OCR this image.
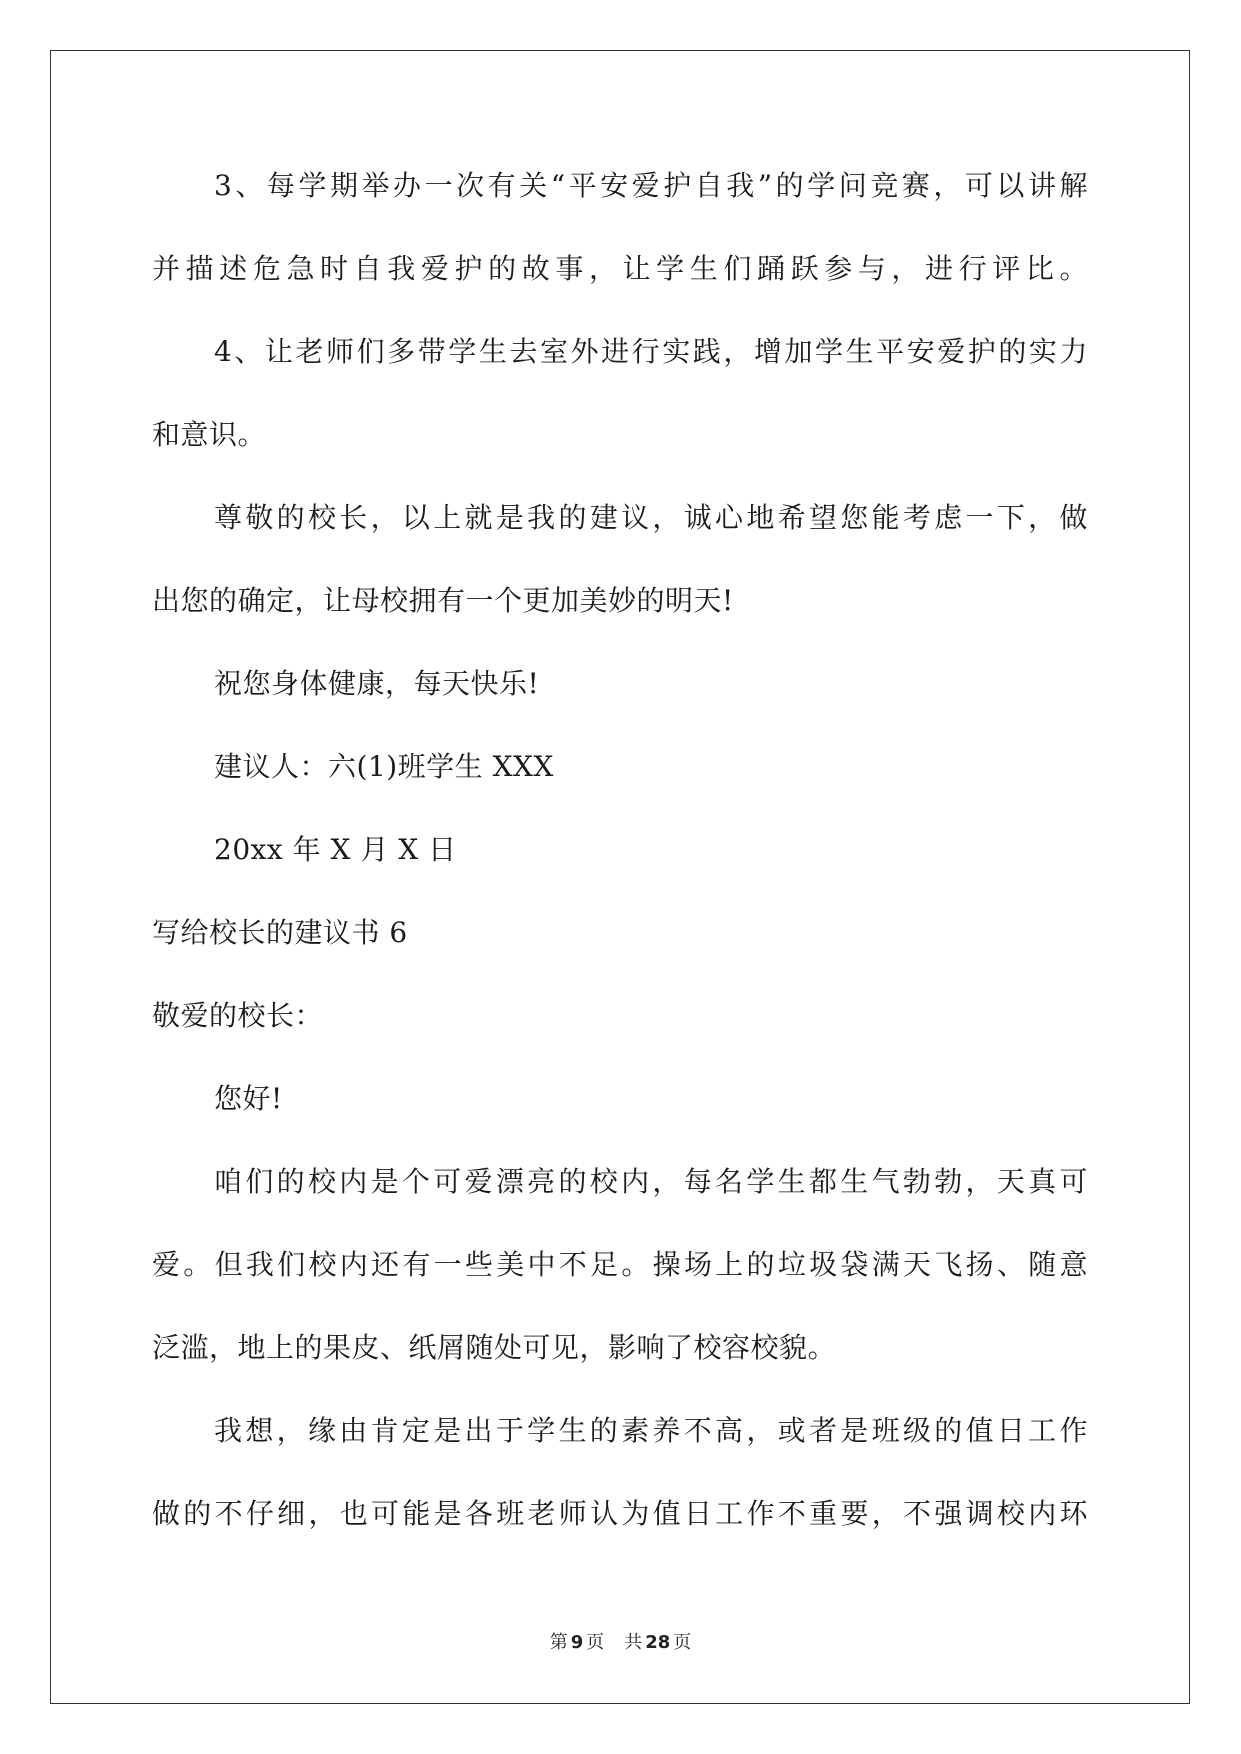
3、每学期举办一次有关“平安爱护自我”的学问竞赛，可以讲解
并描述危急时自我爱护的故事，让学生们踊跃参与，进行评比。
4、让老师们多带学生去室外进行实践，增加学生平安爱护的实力
和意识。
尊敬的校长，以上就是我的建议，诚心地希望您能考虑一下，做
出您的确定，让母校拥有一个更加美妙的明天!
祝您身体健康，每天快乐!
建议人：六(1)班学生 XXX
20xx 年 X 月 X 日
写给校长的建议书 6
敬爱的校长：
您好!
咱们的校内是个可爱漂亮的校内，每名学生都生气勃勃，天真可
爱。但我们校内还有一些美中不足。操场上的垃圾袋满天飞扬、随意
泛滥，地上的果皮、纸屑随处可见，影响了校容校貌。
我想，缘由肯定是出于学生的素养不高，或者是班级的值日工作
做的不仔细，也可能是各班老师认为值日工作不重要，不强调校内环
第 9 页 共 28 页
